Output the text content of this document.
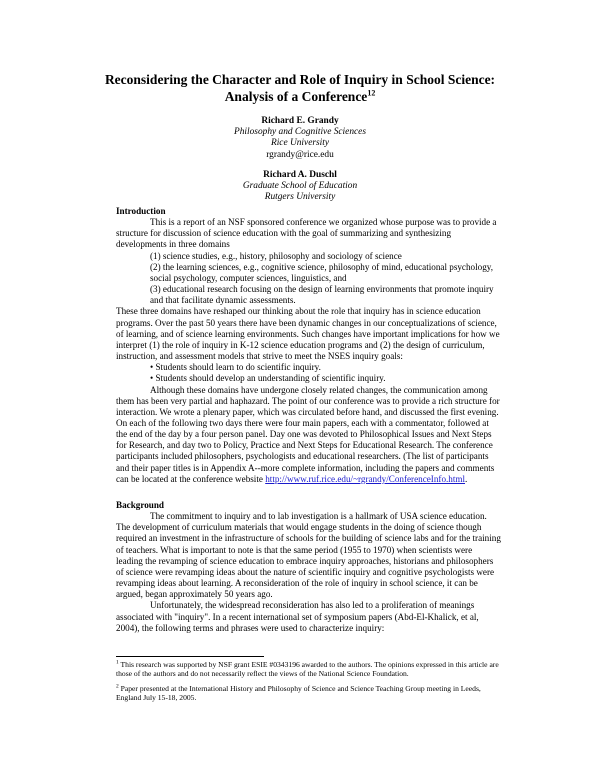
Reconsidering the Character and Role of Inquiry in School Science:
Analysis of a Conference$^{12}$
Richard E. Grandy
Philosophy and Cognitive Sciences
Rice University
rgrandy@rice.edu
Richard A. Duschl
Graduate School of Education
Rutgers University
Introduction

This is a report of an NSF sponsored conference we organized whose purpose was to provide a structure for discussion of science education with the goal of summarizing and synthesizing developments in three domains

(1) science studies, e.g., history, philosophy and sociology of science
(2) the learning sciences, e.g., cognitive science, philosophy of mind, educational psychology, social psychology, computer sciences, linguistics, and
(3) educational research focusing on the design of learning environments that promote inquiry and that facilitate dynamic assessments.

These three domains have reshaped our thinking about the role that inquiry has in science education programs. Over the past 50 years there have been dynamic changes in our conceptualizations of science, of learning, and of science learning environments. Such changes have important implications for how we interpret (1) the role of inquiry in K-12 science education programs and (2) the design of curriculum, instruction, and assessment models that strive to meet the NSES inquiry goals:

• Students should learn to do scientific inquiry.
• Students should develop an understanding of scientific inquiry.

Although these domains have undergone closely related changes, the communication among them has been very partial and haphazard. The point of our conference was to provide a rich structure for interaction. We wrote a plenary paper, which was circulated before hand, and discussed the first evening. On each of the following two days there were four main papers, each with a commentator, followed at the end of the day by a four person panel. Day one was devoted to Philosophical Issues and Next Steps for Research, and day two to Policy, Practice and Next Steps for Educational Research. The conference participants included philosophers, psychologists and educational researchers. (The list of participants and their paper titles is in Appendix A--more complete information, including the papers and comments can be located at the conference website http://www.ruf.rice.edu/~rgrandy/ConferenceInfo.html.

Background

The commitment to inquiry and to lab investigation is a hallmark of USA science education. The development of curriculum materials that would engage students in the doing of science though required an investment in the infrastructure of schools for the building of science labs and for the training of teachers. What is important to note is that the same period (1955 to 1970) when scientists were leading the revamping of science education to embrace inquiry approaches, historians and philosophers of science were revamping ideas about the nature of scientific inquiry and cognitive psychologists were revamping ideas about learning. A reconsideration of the role of inquiry in school science, it can be argued, began approximately 50 years ago.

Unfortunately, the widespread reconsideration has also led to a proliferation of meanings associated with "inquiry". In a recent international set of symposium papers (Abd-El-Khalick, et al, 2004), the following terms and phrases were used to characterize inquiry:

$^1$ This research was supported by NSF grant ESIE #0343196 awarded to the authors. The opinions expressed in this article are those of the authors and do not necessarily reflect the views of the National Science Foundation.
$^2$ Paper presented at the International History and Philosophy of Science and Science Teaching Group meeting in Leeds, England July 15-18, 2005.
